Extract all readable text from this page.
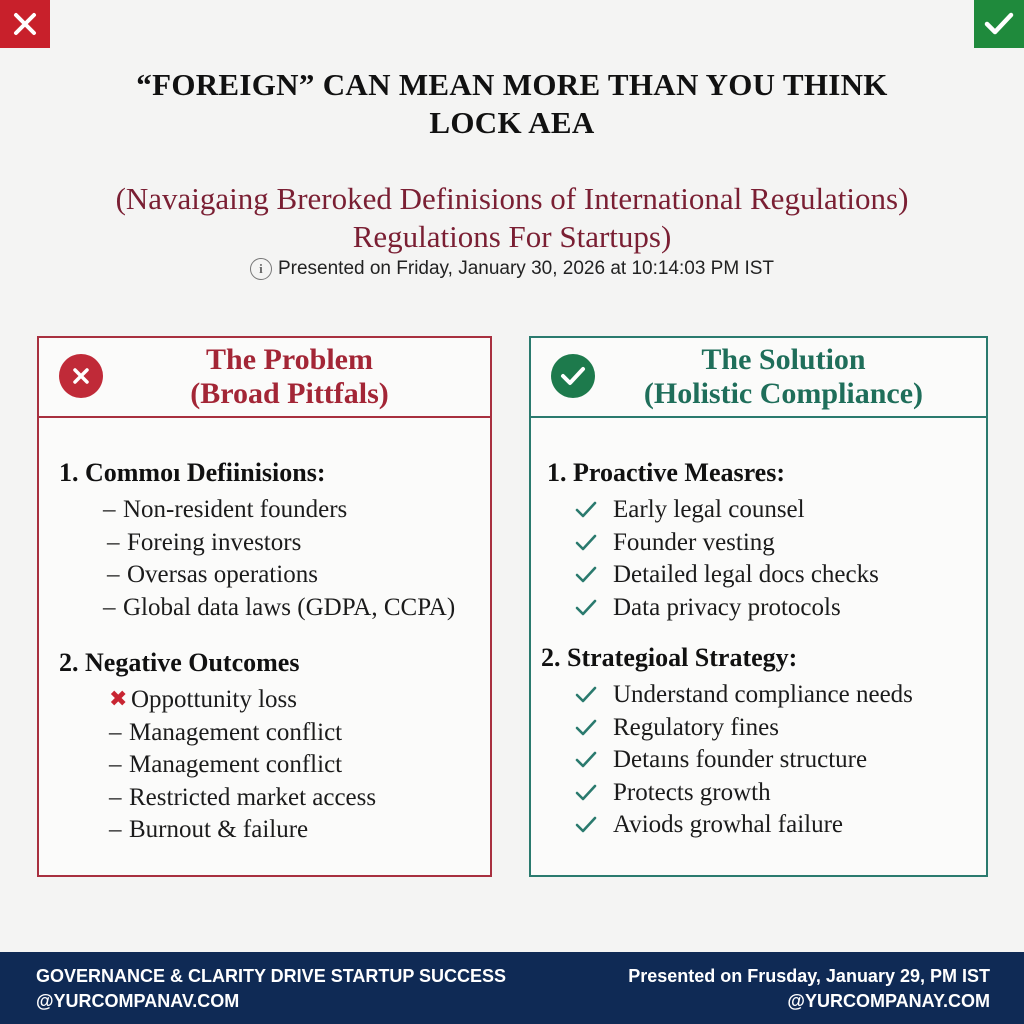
“FOREIGN” CAN MEAN MORE THAN YOU THINK
LOCK AEA
(Navaigaing Breroked Definisions of International Regulations)
Regulations For Startups)
i Presented on Friday, January 30, 2026 at 10:14:03 PM IST
The Problem
(Broad Pittfals)
1. Commoı Defiinisions:
– Non-resident founders
– Foreing investors
– Oversas operations
– Global data laws (GDPA, CCPA)
2. Negative Outcomes
✖ Oppottunity loss
– Management conflict
– Management conflict
– Restricted market access
– Burnout & failure
The Solution
(Holistic Compliance)
1. Proactive Measres:
Early legal counsel
Founder vesting
Detailed legal docs checks
Data privacy protocols
2. Strategioal Strategy:
Understand compliance needs
Regulatory fines
Detaıns founder structure
Protects growth
Aviods growhal failure
GOVERNANCE & CLARITY DRIVE STARTUP SUCCESS
@YURCOMPANAV.COM
Presented on Frusday, January 29, PM IST
@YURCOMPANAY.COM
